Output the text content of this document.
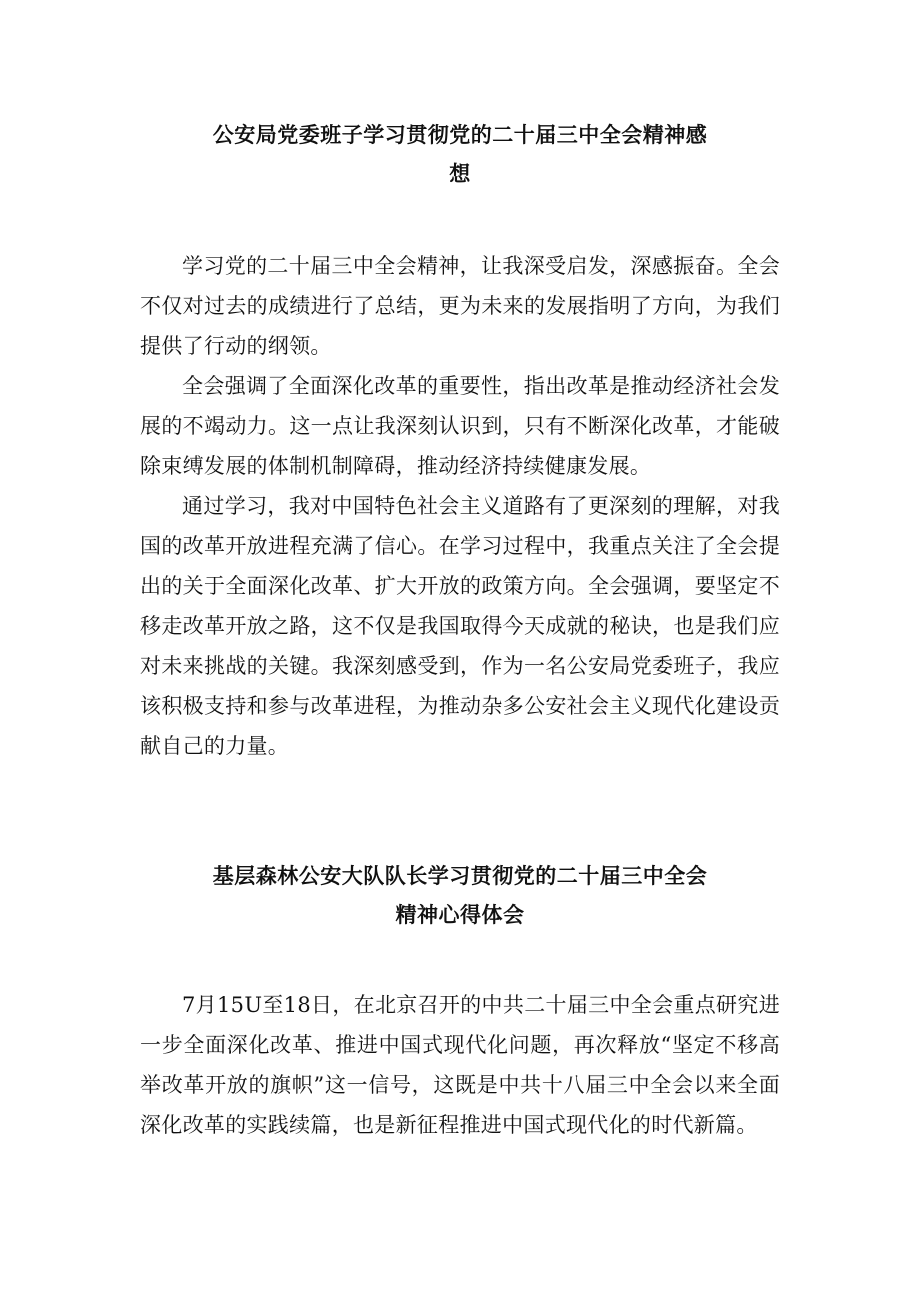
公安局党委班子学习贯彻党的二十届三中全会精神感
想

学习党的二十届三中全会精神，让我深受启发，深感振奋。全会不仅对过去的成绩进行了总结，更为未来的发展指明了方向，为我们提供了行动的纲领。

全会强调了全面深化改革的重要性，指出改革是推动经济社会发展的不竭动力。这一点让我深刻认识到，只有不断深化改革，才能破除束缚发展的体制机制障碍，推动经济持续健康发展。

通过学习，我对中国特色社会主义道路有了更深刻的理解，对我国的改革开放进程充满了信心。在学习过程中，我重点关注了全会提出的关于全面深化改革、扩大开放的政策方向。全会强调，要坚定不移走改革开放之路，这不仅是我国取得今天成就的秘诀，也是我们应对未来挑战的关键。我深刻感受到，作为一名公安局党委班子，我应该积极支持和参与改革进程，为推动杂多公安社会主义现代化建设贡献自己的力量。

基层森林公安大队队长学习贯彻党的二十届三中全会
精神心得体会

7月15U至18日，在北京召开的中共二十届三中全会重点研究进一步全面深化改革、推进中国式现代化问题，再次释放“坚定不移高举改革开放的旗帜”这一信号，这既是中共十八届三中全会以来全面深化改革的实践续篇，也是新征程推进中国式现代化的时代新篇。
